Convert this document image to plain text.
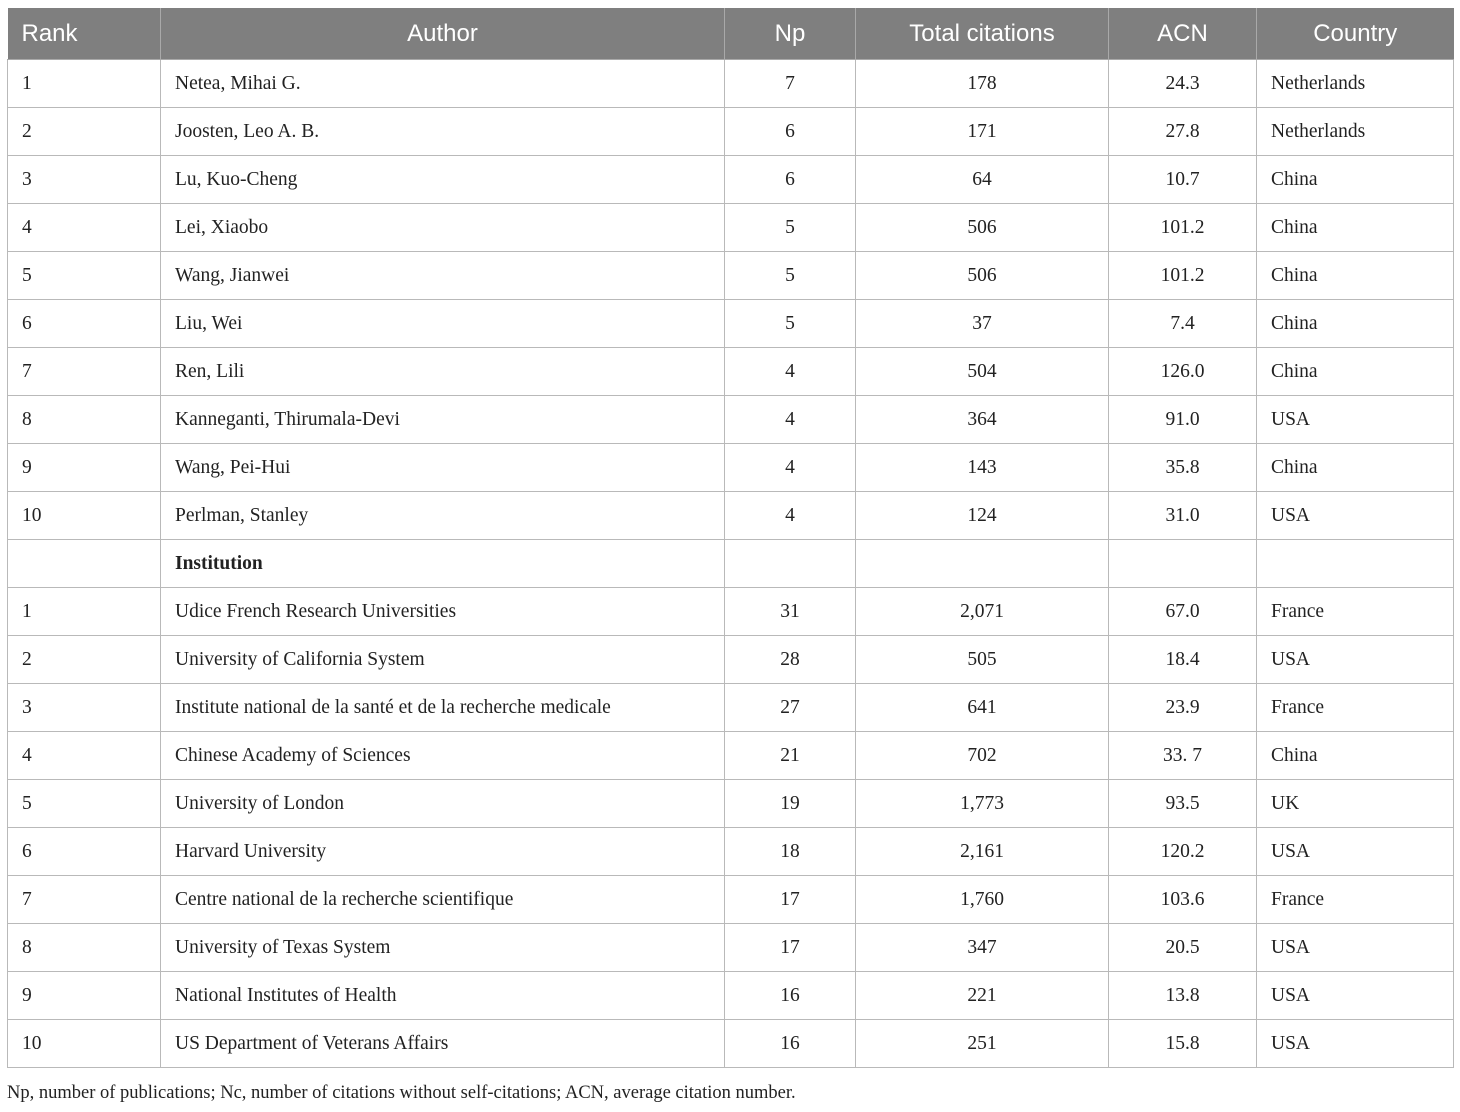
Rank	Author	Np	Total citations	ACN	Country
1	Netea, Mihai G.	7	178	24.3	Netherlands
2	Joosten, Leo A. B.	6	171	27.8	Netherlands
3	Lu, Kuo-Cheng	6	64	10.7	China
4	Lei, Xiaobo	5	506	101.2	China
5	Wang, Jianwei	5	506	101.2	China
6	Liu, Wei	5	37	7.4	China
7	Ren, Lili	4	504	126.0	China
8	Kanneganti, Thirumala-Devi	4	364	91.0	USA
9	Wang, Pei-Hui	4	143	35.8	China
10	Perlman, Stanley	4	124	31.0	USA
	Institution				
1	Udice French Research Universities	31	2,071	67.0	France
2	University of California System	28	505	18.4	USA
3	Institute national de la santé et de la recherche medicale	27	641	23.9	France
4	Chinese Academy of Sciences	21	702	33. 7	China
5	University of London	19	1,773	93.5	UK
6	Harvard University	18	2,161	120.2	USA
7	Centre national de la recherche scientifique	17	1,760	103.6	France
8	University of Texas System	17	347	20.5	USA
9	National Institutes of Health	16	221	13.8	USA
10	US Department of Veterans Affairs	16	251	15.8	USA
Np, number of publications; Nc, number of citations without self-citations; ACN, average citation number.
